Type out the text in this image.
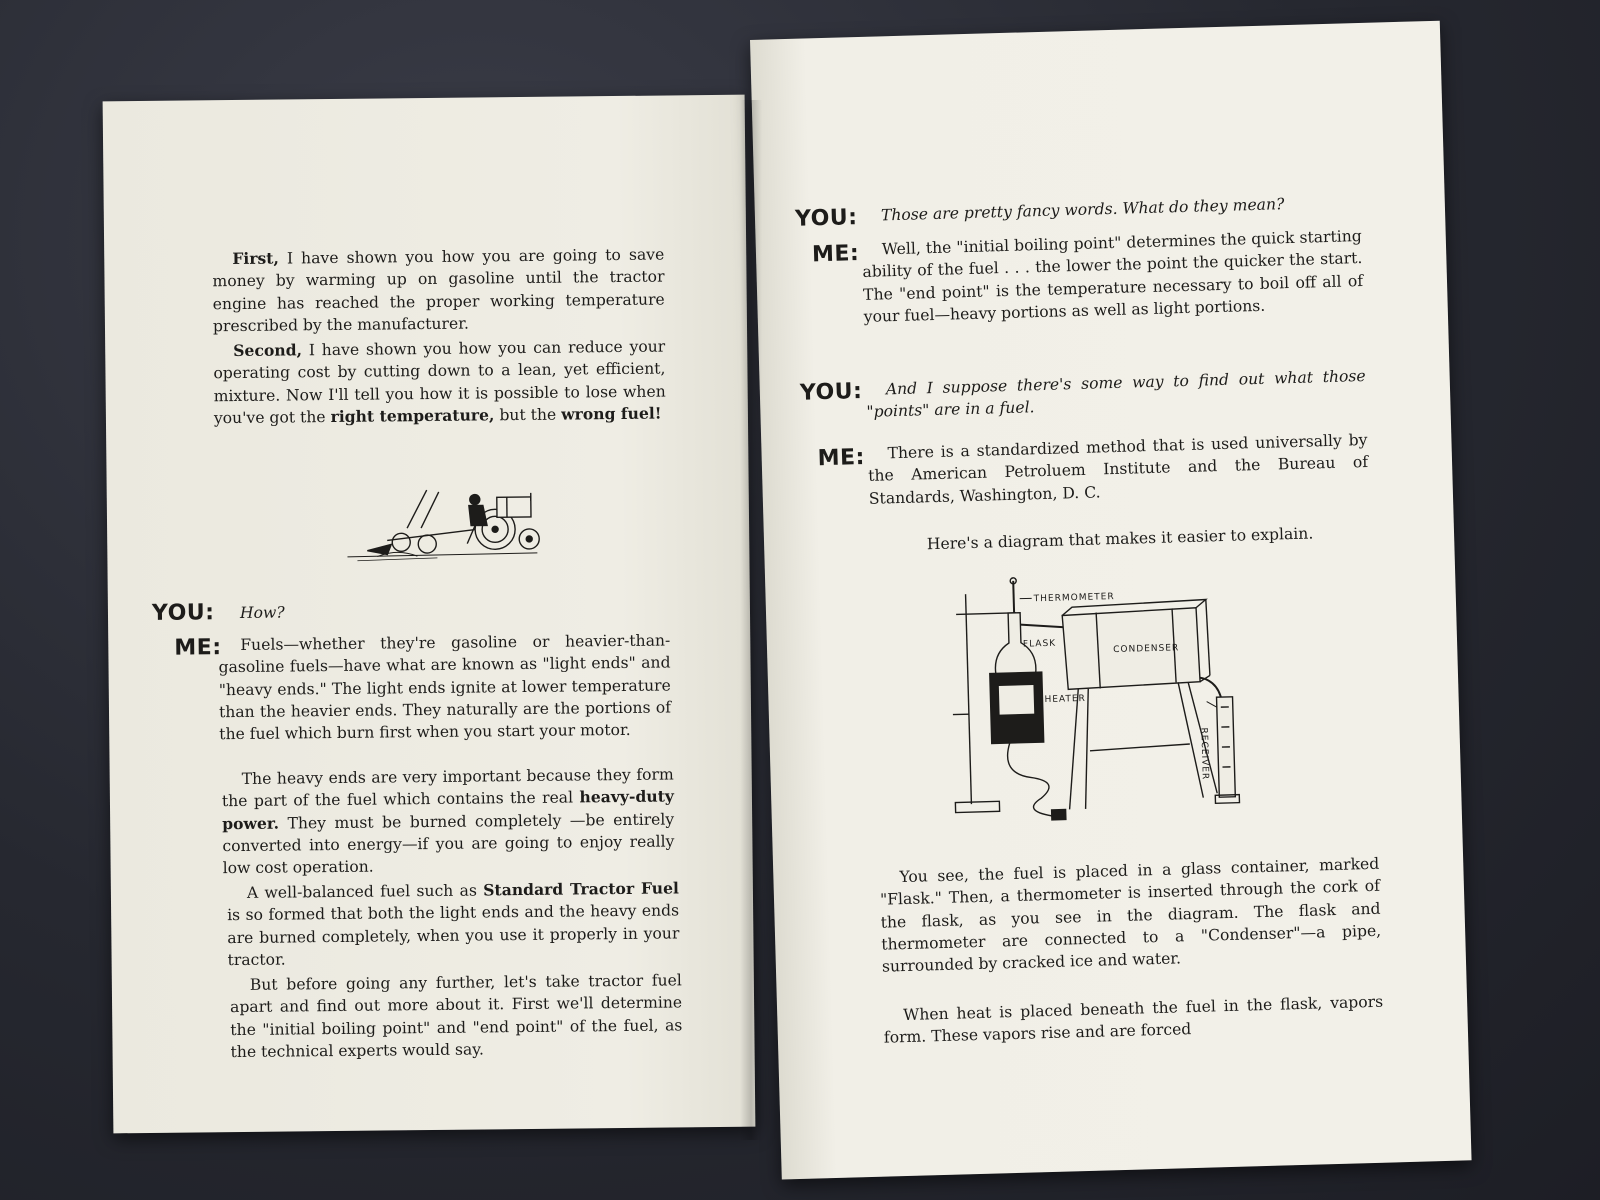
First, I have shown you how you are going to save money by warming up on gasoline until the tractor engine has reached the proper working temperature prescribed by the manufacturer.

Second, I have shown you how you can reduce your operating cost by cutting down to a lean, yet efficient, mixture. Now I'll tell you how it is possible to lose when you've got the right temperature, but the wrong fuel!

YOU: How?

ME:	Fuels—whether they're gasoline or heavier-than-gasoline fuels—have what are known as "light ends" and "heavy ends." The light ends ignite at lower temperature than the heavier ends. They naturally are the portions of the fuel which burn first when you start your motor.

The heavy ends are very important because they form the part of the fuel which contains the real heavy-duty power. They must be burned completely —be entirely converted into energy—if you are going to enjoy really low cost operation.

A well-balanced fuel such as Standard Tractor Fuel is so formed that both the light ends and the heavy ends are burned completely, when you use it properly in your tractor.

But before going any further, let's take tractor fuel apart and find out more about it. First we'll determine the "initial boiling point" and "end point" of the fuel, as the technical experts would say.

YOU: Those are pretty fancy words. What do they mean?

ME:	Well, the "initial boiling point" determines the quick starting ability of the fuel . . . the lower the point the quicker the start. The "end point" is the temperature necessary to boil off all of your fuel—heavy portions as well as light portions.

YOU:	And I suppose there's some way to find out what those "points" are in a fuel.

ME:	There is a standardized method that is used universally by the American Petroluem Institute and the Bureau of Standards, Washington, D. C.

Here's a diagram that makes it easier to explain.

THERMOMETER
FLASK	CONDENSER
HEATER
RECEIVER

You see, the fuel is placed in a glass container, marked "Flask." Then, a thermometer is inserted through the cork of the flask, as you see in the diagram. The flask and thermometer are connected to a "Condenser"—a pipe, surrounded by cracked ice and water.

When heat is placed beneath the fuel in the flask, vapors form. These vapors rise and are forced
